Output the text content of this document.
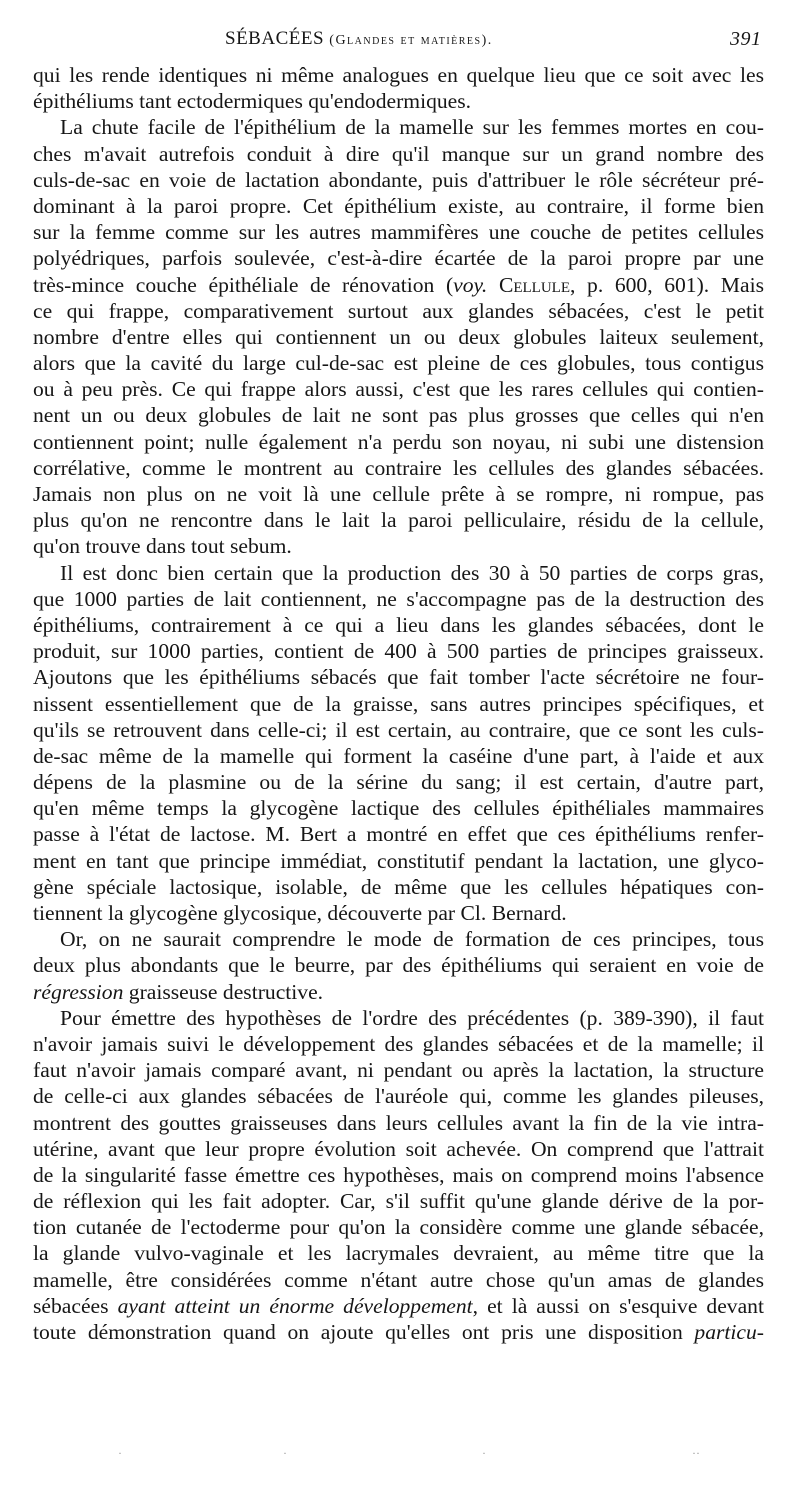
SÉBACÉES (Glandes et matières).	391
qui les rende identiques ni même analogues en quelque lieu que ce soit avec les
épithéliums tant ectodermiques qu'endodermiques.
La chute facile de l'épithélium de la mamelle sur les femmes mortes en cou-
ches m'avait autrefois conduit à dire qu'il manque sur un grand nombre des
culs-de-sac en voie de lactation abondante, puis d'attribuer le rôle sécréteur pré-
dominant à la paroi propre. Cet épithélium existe, au contraire, il forme bien
sur la femme comme sur les autres mammifères une couche de petites cellules
polyédriques, parfois soulevée, c'est-à-dire écartée de la paroi propre par une
très-mince couche épithéliale de rénovation (voy. Cellule, p. 600, 601). Mais
ce qui frappe, comparativement surtout aux glandes sébacées, c'est le petit
nombre d'entre elles qui contiennent un ou deux globules laiteux seulement,
alors que la cavité du large cul-de-sac est pleine de ces globules, tous contigus
ou à peu près. Ce qui frappe alors aussi, c'est que les rares cellules qui contien-
nent un ou deux globules de lait ne sont pas plus grosses que celles qui n'en
contiennent point; nulle également n'a perdu son noyau, ni subi une distension
corrélative, comme le montrent au contraire les cellules des glandes sébacées.
Jamais non plus on ne voit là une cellule prête à se rompre, ni rompue, pas
plus qu'on ne rencontre dans le lait la paroi pelliculaire, résidu de la cellule,
qu'on trouve dans tout sebum.
Il est donc bien certain que la production des 30 à 50 parties de corps gras,
que 1000 parties de lait contiennent, ne s'accompagne pas de la destruction des
épithéliums, contrairement à ce qui a lieu dans les glandes sébacées, dont le
produit, sur 1000 parties, contient de 400 à 500 parties de principes graisseux.
Ajoutons que les épithéliums sébacés que fait tomber l'acte sécrétoire ne four-
nissent essentiellement que de la graisse, sans autres principes spécifiques, et
qu'ils se retrouvent dans celle-ci; il est certain, au contraire, que ce sont les culs-
de-sac même de la mamelle qui forment la caséine d'une part, à l'aide et aux
dépens de la plasmine ou de la sérine du sang; il est certain, d'autre part,
qu'en même temps la glycogène lactique des cellules épithéliales mammaires
passe à l'état de lactose. M. Bert a montré en effet que ces épithéliums renfer-
ment en tant que principe immédiat, constitutif pendant la lactation, une glyco-
gène spéciale lactosique, isolable, de même que les cellules hépatiques con-
tiennent la glycogène glycosique, découverte par Cl. Bernard.
Or, on ne saurait comprendre le mode de formation de ces principes, tous
deux plus abondants que le beurre, par des épithéliums qui seraient en voie de
régression graisseuse destructive.
Pour émettre des hypothèses de l'ordre des précédentes (p. 389-390), il faut
n'avoir jamais suivi le développement des glandes sébacées et de la mamelle; il
faut n'avoir jamais comparé avant, ni pendant ou après la lactation, la structure
de celle-ci aux glandes sébacées de l'auréole qui, comme les glandes pileuses,
montrent des gouttes graisseuses dans leurs cellules avant la fin de la vie intra-
utérine, avant que leur propre évolution soit achevée. On comprend que l'attrait
de la singularité fasse émettre ces hypothèses, mais on comprend moins l'absence
de réflexion qui les fait adopter. Car, s'il suffit qu'une glande dérive de la por-
tion cutanée de l'ectoderme pour qu'on la considère comme une glande sébacée,
la glande vulvo-vaginale et les lacrymales devraient, au même titre que la
mamelle, être considérées comme n'étant autre chose qu'un amas de glandes
sébacées ayant atteint un énorme développement, et là aussi on s'esquive devant
toute démonstration quand on ajoute qu'elles ont pris une disposition particu-
·	·	·	··
